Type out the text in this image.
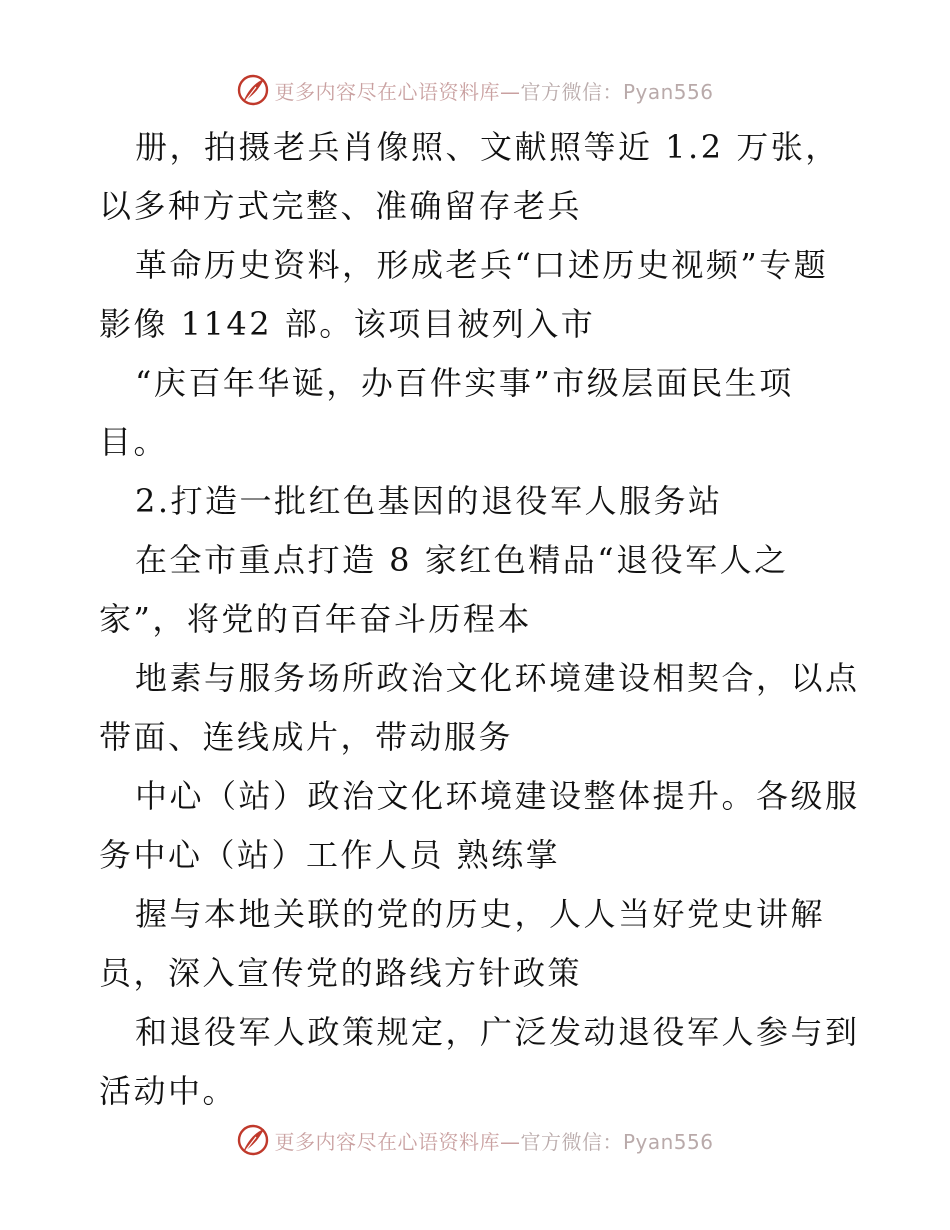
更多内容尽在心语资料库—官方微信：Pyan556
册，拍摄老兵肖像照、文献照等近 1.2 万张，
以多种方式完整、准确留存老兵
革命历史资料，形成老兵“口述历史视频”专题
影像 1142 部。该项目被列入市
“庆百年华诞，办百件实事”市级层面民生项
目。
2.打造一批红色基因的退役军人服务站
在全市重点打造 8 家红色精品“退役军人之
家”，将党的百年奋斗历程本
地素与服务场所政治文化环境建设相契合，以点
带面、连线成片，带动服务
中心（站）政治文化环境建设整体提升。各级服
务中心（站）工作人员 熟练掌
握与本地关联的党的历史，人人当好党史讲解
员，深入宣传党的路线方针政策
和退役军人政策规定，广泛发动退役军人参与到
活动中。
更多内容尽在心语资料库—官方微信：Pyan556
